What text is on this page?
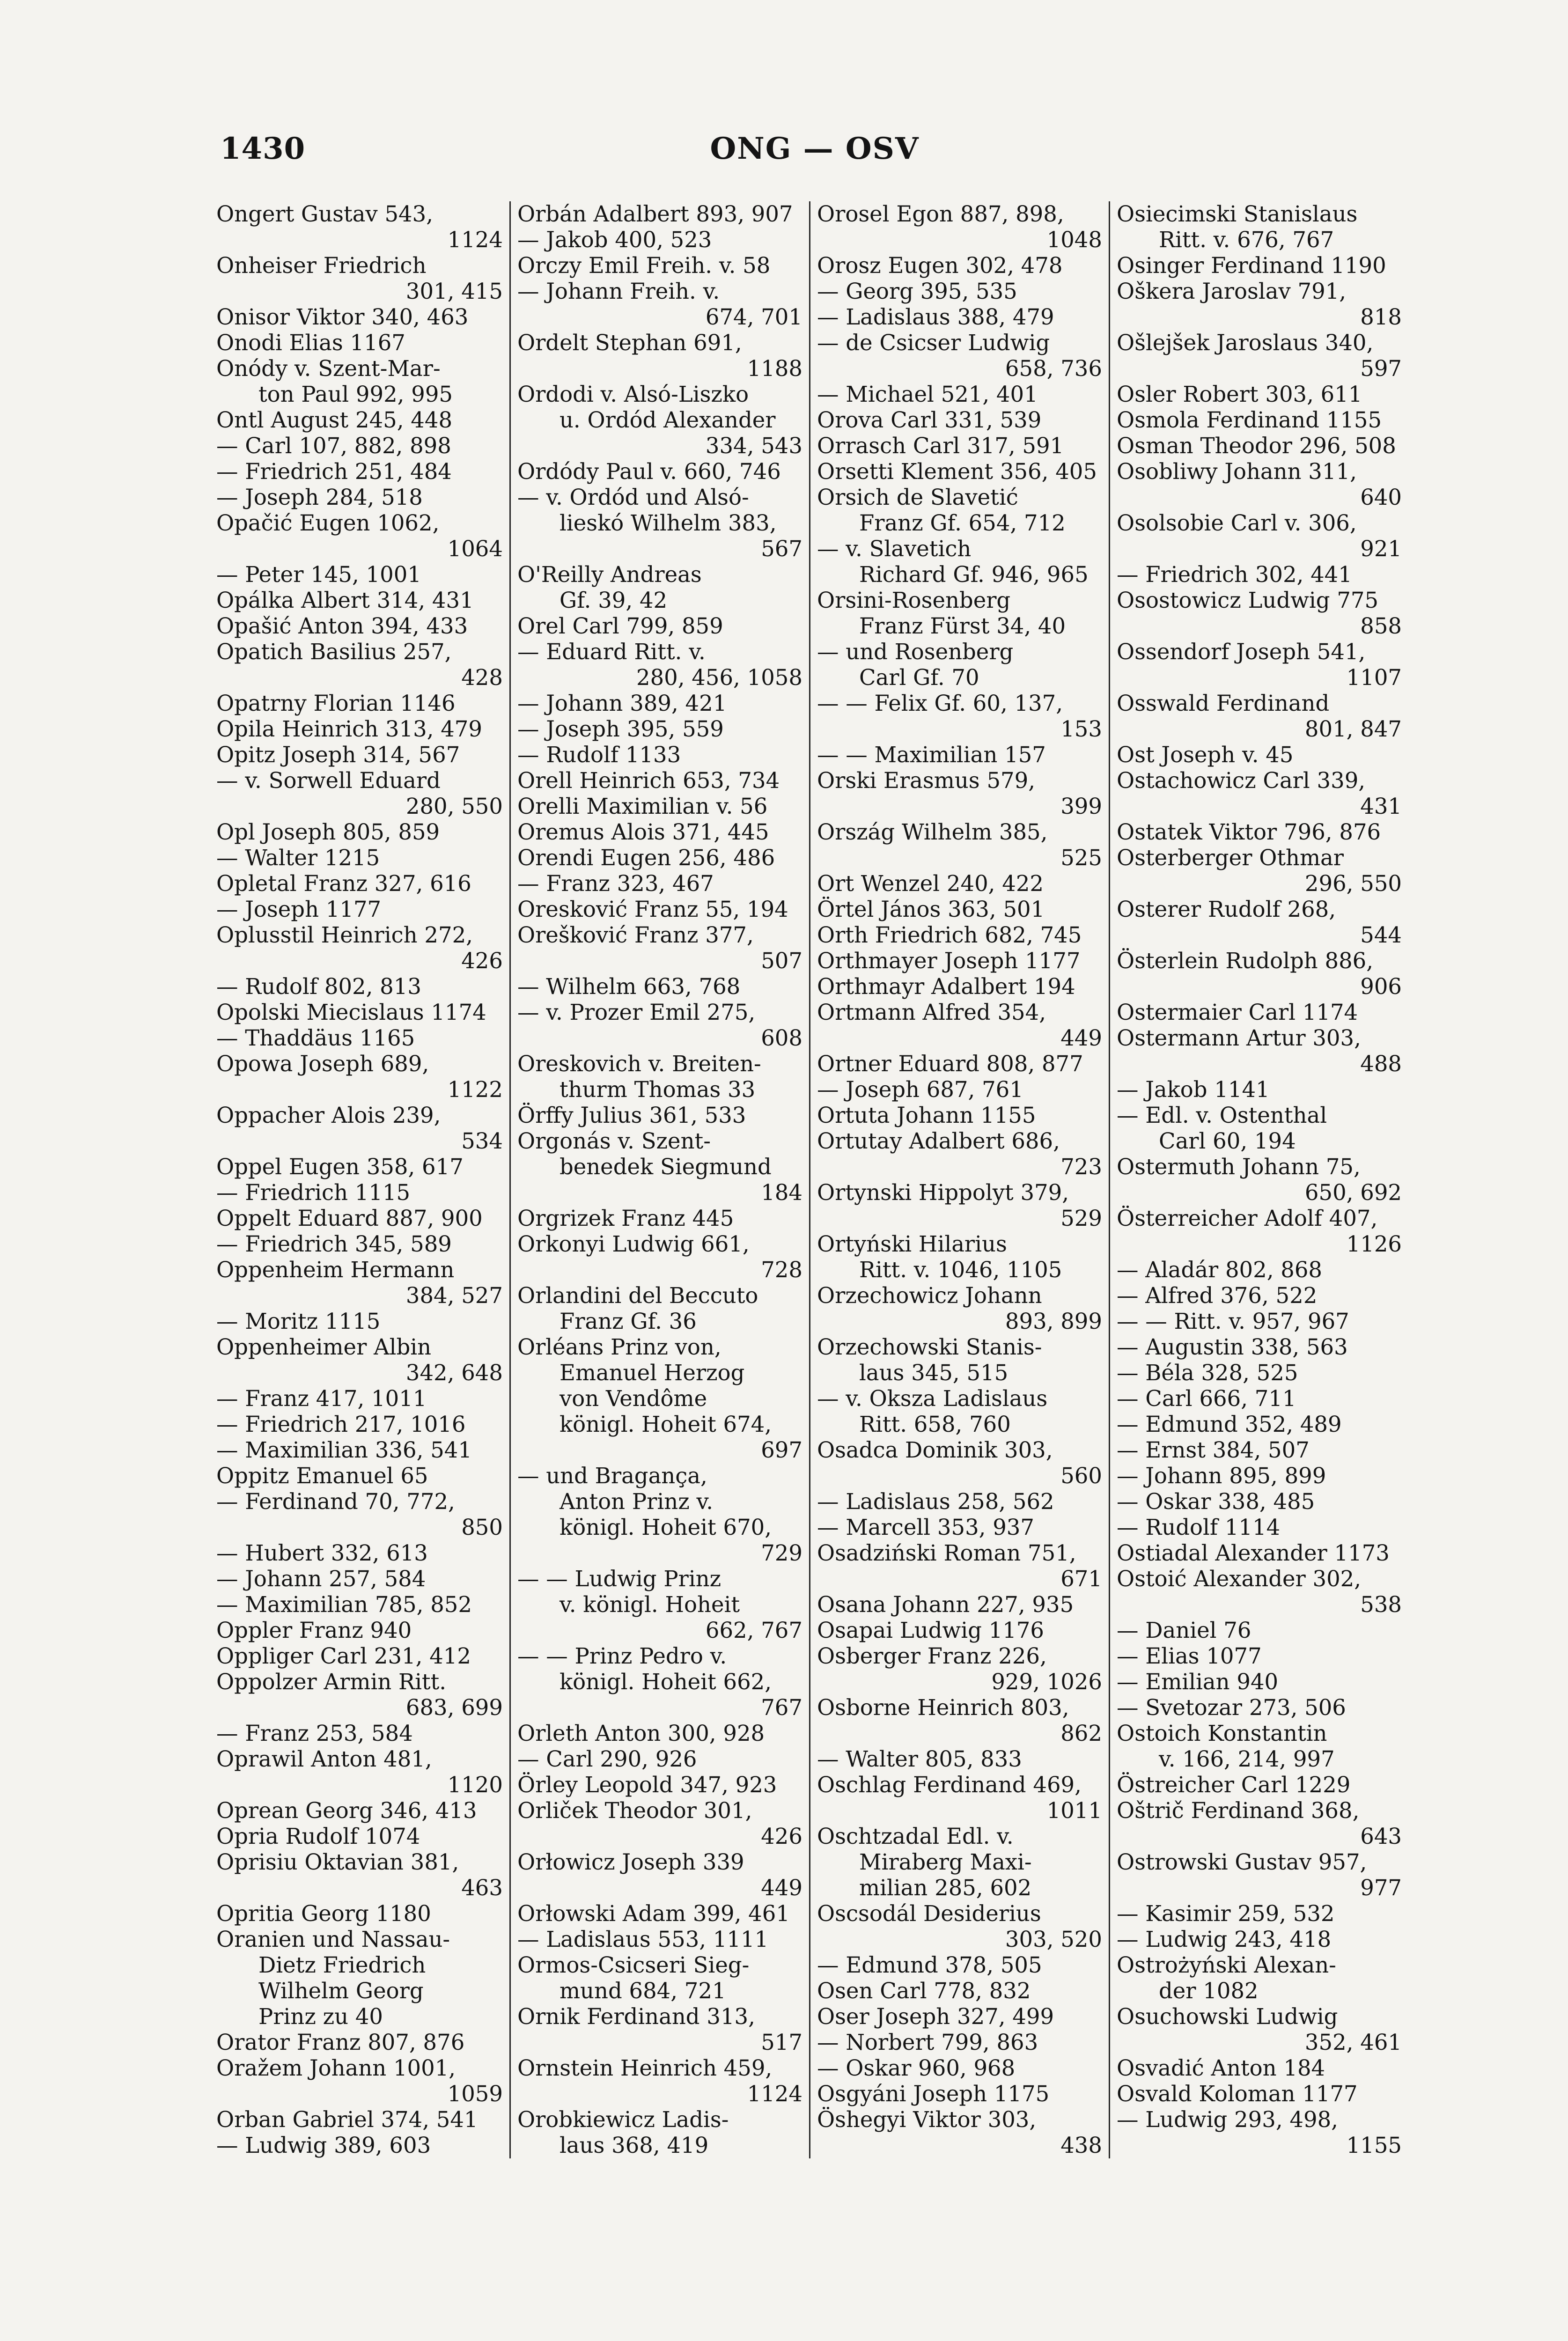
1430	ONG — OSV
Ongert Gustav 543,
1124
Onheiser Friedrich
301, 415
Onisor Viktor 340, 463
Onodi Elias 1167
Onódy v. Szent-Mar-
ton Paul 992, 995
Ontl August 245, 448
— Carl 107, 882, 898
— Friedrich 251, 484
— Joseph 284, 518
Opačić Eugen 1062,
1064
— Peter 145, 1001
Opálka Albert 314, 431
Opašić Anton 394, 433
Opatich Basilius 257,
428
Opatrny Florian 1146
Opila Heinrich 313, 479
Opitz Joseph 314, 567
— v. Sorwell Eduard
280, 550
Opl Joseph 805, 859
— Walter 1215
Opletal Franz 327, 616
— Joseph 1177
Oplusstil Heinrich 272,
426
— Rudolf 802, 813
Opolski Miecislaus 1174
— Thaddäus 1165
Opowa Joseph 689,
1122
Oppacher Alois 239,
534
Oppel Eugen 358, 617
— Friedrich 1115
Oppelt Eduard 887, 900
— Friedrich 345, 589
Oppenheim Hermann
384, 527
— Moritz 1115
Oppenheimer Albin
342, 648
— Franz 417, 1011
— Friedrich 217, 1016
— Maximilian 336, 541
Oppitz Emanuel 65
— Ferdinand 70, 772,
850
— Hubert 332, 613
— Johann 257, 584
— Maximilian 785, 852
Oppler Franz 940
Oppliger Carl 231, 412
Oppolzer Armin Ritt.
683, 699
— Franz 253, 584
Oprawil Anton 481,
1120
Oprean Georg 346, 413
Opria Rudolf 1074
Oprisiu Oktavian 381,
463
Opritia Georg 1180
Oranien und Nassau-
Dietz Friedrich
Wilhelm Georg
Prinz zu 40
Orator Franz 807, 876
Oražem Johann 1001,
1059
Orban Gabriel 374, 541
— Ludwig 389, 603
Orbán Adalbert 893, 907
— Jakob 400, 523
Orczy Emil Freih. v. 58
— Johann Freih. v.
674, 701
Ordelt Stephan 691,
1188
Ordodi v. Alsó-Liszko
u. Ordód Alexander
334, 543
Ordódy Paul v. 660, 746
— v. Ordód und Alsó-
lieskó Wilhelm 383,
567
O'Reilly Andreas
Gf. 39, 42
Orel Carl 799, 859
— Eduard Ritt. v.
280, 456, 1058
— Johann 389, 421
— Joseph 395, 559
— Rudolf 1133
Orell Heinrich 653, 734
Orelli Maximilian v. 56
Oremus Alois 371, 445
Orendi Eugen 256, 486
— Franz 323, 467
Oresković Franz 55, 194
Orešković Franz 377,
507
— Wilhelm 663, 768
— v. Prozer Emil 275,
608
Oreskovich v. Breiten-
thurm Thomas 33
Örffy Julius 361, 533
Orgonás v. Szent-
benedek Siegmund
184
Orgrizek Franz 445
Orkonyi Ludwig 661,
728
Orlandini del Beccuto
Franz Gf. 36
Orléans Prinz von,
Emanuel Herzog
von Vendôme
königl. Hoheit 674,
697
— und Bragança,
Anton Prinz v.
königl. Hoheit 670,
729
— — Ludwig Prinz
v. königl. Hoheit
662, 767
— — Prinz Pedro v.
königl. Hoheit 662,
767
Orleth Anton 300, 928
— Carl 290, 926
Örley Leopold 347, 923
Orliček Theodor 301,
426
Orłowicz Joseph 339
449
Orłowski Adam 399, 461
— Ladislaus 553, 1111
Ormos-Csicseri Sieg-
mund 684, 721
Ornik Ferdinand 313,
517
Ornstein Heinrich 459,
1124
Orobkiewicz Ladis-
laus 368, 419
Orosel Egon 887, 898,
1048
Orosz Eugen 302, 478
— Georg 395, 535
— Ladislaus 388, 479
— de Csicser Ludwig
658, 736
— Michael 521, 401
Orova Carl 331, 539
Orrasch Carl 317, 591
Orsetti Klement 356, 405
Orsich de Slavetić
Franz Gf. 654, 712
— v. Slavetich
Richard Gf. 946, 965
Orsini-Rosenberg
Franz Fürst 34, 40
— und Rosenberg
Carl Gf. 70
— — Felix Gf. 60, 137,
153
— — Maximilian 157
Orski Erasmus 579,
399
Ország Wilhelm 385,
525
Ort Wenzel 240, 422
Örtel János 363, 501
Orth Friedrich 682, 745
Orthmayer Joseph 1177
Orthmayr Adalbert 194
Ortmann Alfred 354,
449
Ortner Eduard 808, 877
— Joseph 687, 761
Ortuta Johann 1155
Ortutay Adalbert 686,
723
Ortynski Hippolyt 379,
529
Ortyński Hilarius
Ritt. v. 1046, 1105
Orzechowicz Johann
893, 899
Orzechowski Stanis-
laus 345, 515
— v. Oksza Ladislaus
Ritt. 658, 760
Osadca Dominik 303,
560
— Ladislaus 258, 562
— Marcell 353, 937
Osadziński Roman 751,
671
Osana Johann 227, 935
Osapai Ludwig 1176
Osberger Franz 226,
929, 1026
Osborne Heinrich 803,
862
— Walter 805, 833
Oschlag Ferdinand 469,
1011
Oschtzadal Edl. v.
Miraberg Maxi-
milian 285, 602
Oscsodál Desiderius
303, 520
— Edmund 378, 505
Osen Carl 778, 832
Oser Joseph 327, 499
— Norbert 799, 863
— Oskar 960, 968
Osgyáni Joseph 1175
Öshegyi Viktor 303,
438
Osiecimski Stanislaus
Ritt. v. 676, 767
Osinger Ferdinand 1190
Oškera Jaroslav 791,
818
Ošlejšek Jaroslaus 340,
597
Osler Robert 303, 611
Osmola Ferdinand 1155
Osman Theodor 296, 508
Osobliwy Johann 311,
640
Osolsobie Carl v. 306,
921
— Friedrich 302, 441
Osostowicz Ludwig 775
858
Ossendorf Joseph 541,
1107
Osswald Ferdinand
801, 847
Ost Joseph v. 45
Ostachowicz Carl 339,
431
Ostatek Viktor 796, 876
Osterberger Othmar
296, 550
Osterer Rudolf 268,
544
Österlein Rudolph 886,
906
Ostermaier Carl 1174
Ostermann Artur 303,
488
— Jakob 1141
— Edl. v. Ostenthal
Carl 60, 194
Ostermuth Johann 75,
650, 692
Österreicher Adolf 407,
1126
— Aladár 802, 868
— Alfred 376, 522
— — Ritt. v. 957, 967
— Augustin 338, 563
— Béla 328, 525
— Carl 666, 711
— Edmund 352, 489
— Ernst 384, 507
— Johann 895, 899
— Oskar 338, 485
— Rudolf 1114
Ostiadal Alexander 1173
Ostoić Alexander 302,
538
— Daniel 76
— Elias 1077
— Emilian 940
— Svetozar 273, 506
Ostoich Konstantin
v. 166, 214, 997
Östreicher Carl 1229
Oštrič Ferdinand 368,
643
Ostrowski Gustav 957,
977
— Kasimir 259, 532
— Ludwig 243, 418
Ostrożyński Alexan-
der 1082
Osuchowski Ludwig
352, 461
Osvadić Anton 184
Osvald Koloman 1177
— Ludwig 293, 498,
1155
